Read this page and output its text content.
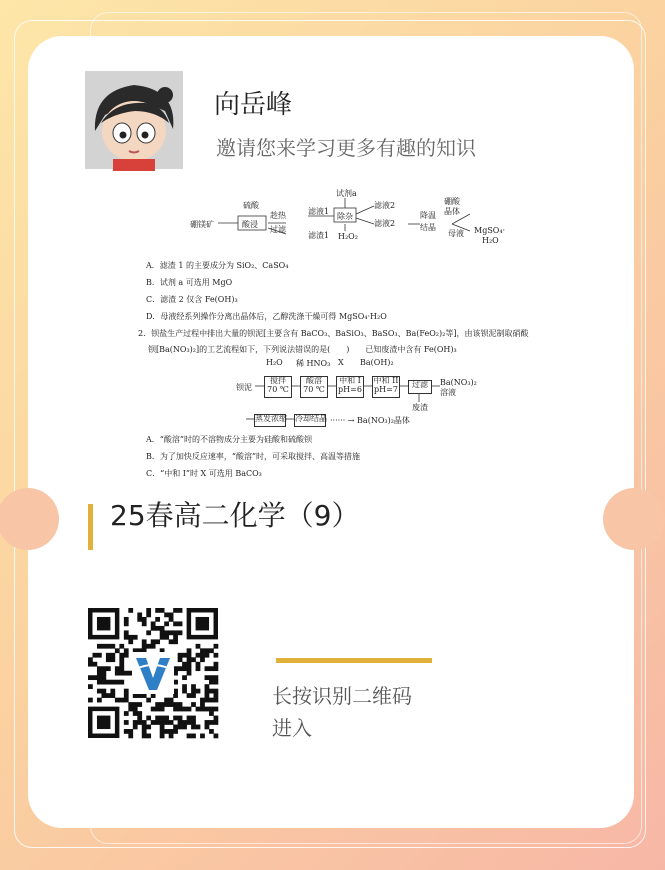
向岳峰
邀请您来学习更多有趣的知识
试剂a
硫酸
硼镁矿	酸浸
趁热
过滤
滤液1
除杂
滤液2	硼酸
晶体
降温
结晶
滤液2
滤渣1 H₂O₂	母液 MgSO₄·
H₂O
A．滤渣 1 的主要成分为 SiO₂、CaSO₄
B．试剂 a 可选用 MgO
C．滤渣 2 仅含 Fe(OH)₃
D．母液经系列操作分离出晶体后，乙醇洗涤干燥可得 MgSO₄·H₂O
2．钡盐生产过程中排出大量的钡泥[主要含有 BaCO₃、BaSiO₃、BaSO₃、Ba(FeO₂)₂等]，由该钡泥制取硝酸
钡[Ba(NO₃)₂]的工艺流程如下，下列说法错误的是(　　)　　已知废渣中含有 Fe(OH)₃
H₂O 稀 HNO₃ X Ba(OH)₂
钡泥
搅拌
70 ℃
酸溶
70 ℃
中和 I
pH=6
中和 II
pH=7
过滤	Ba(NO₃)₂
溶液
废渣
蒸发浓缩 冷却结晶 ······ → Ba(NO₃)₂晶体
A．“酸溶”时的不溶物成分主要为硅酸和硫酸钡
B．为了加快反应速率，“酸溶”时，可采取搅拌、高温等措施
C．“中和 I”时 X 可选用 BaCO₃
25春高二化学（9）
长按识别二维码
进入
